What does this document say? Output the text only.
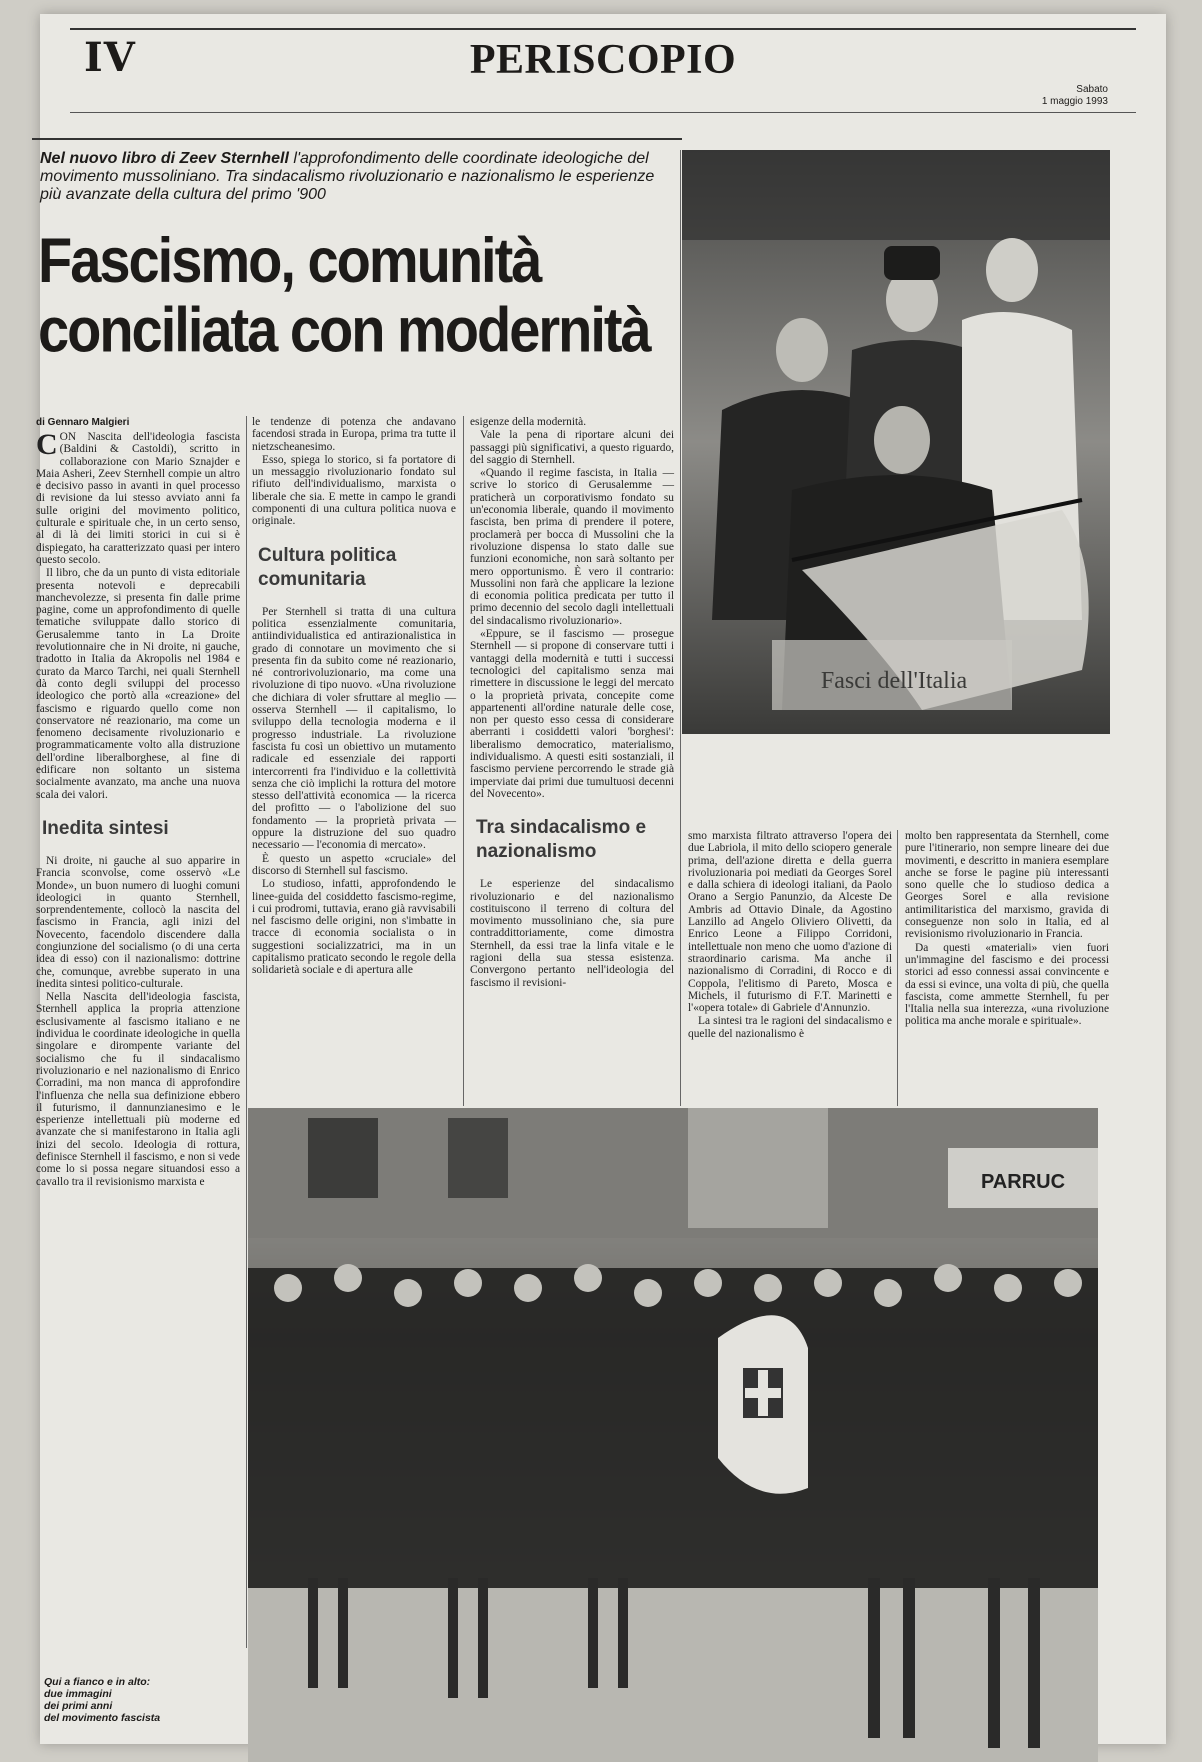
IV	PERISCOPIO
Sabato
1 maggio 1993
Nel nuovo libro di Zeev Sternhell l'approfondimento delle coordinate ideologiche del movimento mussoliniano. Tra sindacalismo rivoluzionario e nazionalismo le esperienze più avanzate della cultura del primo '900
Fascismo, comunità
conciliata con modernità
di Gennaro Malgieri

CON Nascita dell'ideologia fascista (Baldini & Castoldi), scritto in collaborazione con Mario Sznajder e Maia Asheri, Zeev Sternhell compie un altro e decisivo passo in avanti in quel processo di revisione da lui stesso avviato anni fa sulle origini del movimento politico, culturale e spirituale che, in un certo senso, al di là dei limiti storici in cui si è dispiegato, ha caratterizzato quasi per intero questo secolo.

Il libro, che da un punto di vista editoriale presenta notevoli e deprecabili manchevolezze, si presenta fin dalle prime pagine, come un approfondimento di quelle tematiche sviluppate dallo storico di Gerusalemme tanto in La Droite revolutionnaire che in Ni droite, ni gauche, tradotto in Italia da Akropolis nel 1984 e curato da Marco Tarchi, nei quali Sternhell dà conto degli sviluppi del processo ideologico che portò alla «creazione» del fascismo e riguardo quello come non conservatore né reazionario, ma come un fenomeno decisamente rivoluzionario e programmaticamente volto alla distruzione dell'ordine liberalborghese, al fine di edificare non soltanto un sistema socialmente avanzato, ma anche una nuova scala dei valori.

Inedita sintesi

Ni droite, ni gauche al suo apparire in Francia sconvolse, come osservò «Le Monde», un buon numero di luoghi comuni ideologici in quanto Sternhell, sorprendentemente, collocò la nascita del fascismo in Francia, agli inizi del Novecento, facendolo discendere dalla congiunzione del socialismo (o di una certa idea di esso) con il nazionalismo: dottrine che, comunque, avrebbe superato in una inedita sintesi politico-culturale.

Nella Nascita dell'ideologia fascista, Sternhell applica la propria attenzione esclusivamente al fascismo italiano e ne individua le coordinate ideologiche in quella singolare e dirompente variante del socialismo che fu il sindacalismo rivoluzionario e nel nazionalismo di Enrico Corradini, ma non manca di approfondire l'influenza che nella sua definizione ebbero il futurismo, il dannunzianesimo e le esperienze intellettuali più moderne ed avanzate che si manifestarono in Italia agli inizi del secolo. Ideologia di rottura, definisce Sternhell il fascismo, e non si vede come lo si possa negare situandosi esso a cavallo tra il revisionismo marxista e

le tendenze di potenza che andavano facendosi strada in Europa, prima tra tutte il nietzscheanesimo.

Esso, spiega lo storico, si fa portatore di un messaggio rivoluzionario fondato sul rifiuto dell'individualismo, marxista o liberale che sia. E mette in campo le grandi componenti di una cultura politica nuova e originale.

Cultura politica comunitaria

Per Sternhell si tratta di una cultura politica essenzialmente comunitaria, antiindividualistica ed antirazionalistica in grado di connotare un movimento che si presenta fin da subito come né reazionario, né controrivoluzionario, ma come una rivoluzione di tipo nuovo. «Una rivoluzione che dichiara di voler sfruttare al meglio — osserva Sternhell — il capitalismo, lo sviluppo della tecnologia moderna e il progresso industriale. La rivoluzione fascista fu così un obiettivo un mutamento radicale ed essenziale dei rapporti intercorrenti fra l'individuo e la collettività senza che ciò implichi la rottura del motore stesso dell'attività economica — la ricerca del profitto — o l'abolizione del suo fondamento — la proprietà privata — oppure la distruzione del suo quadro necessario — l'economia di mercato».

È questo un aspetto «cruciale» del discorso di Sternhell sul fascismo.

Lo studioso, infatti, approfondendo le linee-guida del cosiddetto fascismo-regime, i cui prodromi, tuttavia, erano già ravvisabili nel fascismo delle origini, non s'imbatte in tracce di economia socialista o in suggestioni socializzatrici, ma in un capitalismo praticato secondo le regole della solidarietà sociale e di apertura alle

esigenze della modernità.

Vale la pena di riportare alcuni dei passaggi più significativi, a questo riguardo, del saggio di Sternhell.

«Quando il regime fascista, in Italia — scrive lo storico di Gerusalemme — praticherà un corporativismo fondato su un'economia liberale, quando il movimento fascista, ben prima di prendere il potere, proclamerà per bocca di Mussolini che la rivoluzione dispensa lo stato dalle sue funzioni economiche, non sarà soltanto per mero opportunismo. È vero il contrario: Mussolini non farà che applicare la lezione di economia politica predicata per tutto il primo decennio del secolo dagli intellettuali del sindacalismo rivoluzionario».

«Eppure, se il fascismo — prosegue Sternhell — si propone di conservare tutti i vantaggi della modernità e tutti i successi tecnologici del capitalismo senza mai rimettere in discussione le leggi del mercato o la proprietà privata, concepite come appartenenti all'ordine naturale delle cose, non per questo esso cessa di considerare aberranti i cosiddetti valori 'borghesi': liberalismo democratico, materialismo, individualismo. A questi esiti sostanziali, il fascismo perviene percorrendo le strade già imperviate dai primi due tumultuosi decenni del Novecento».

Tra sindacalismo e nazionalismo

Le esperienze del sindacalismo rivoluzionario e del nazionalismo costituiscono il terreno di coltura del movimento mussoliniano che, sia pure contraddittoriamente, come dimostra Sternhell, da essi trae la linfa vitale e le ragioni della sua stessa esistenza. Convergono pertanto nell'ideologia del fascismo il revisioni-

smo marxista filtrato attraverso l'opera dei due Labriola, il mito dello sciopero generale prima, dell'azione diretta e della guerra rivoluzionaria poi mediati da Georges Sorel e dalla schiera di ideologi italiani, da Paolo Orano a Sergio Panunzio, da Alceste De Ambris ad Ottavio Dinale, da Agostino Lanzillo ad Angelo Oliviero Olivetti, da Enrico Leone a Filippo Corridoni, intellettuale non meno che uomo d'azione di straordinario carisma. Ma anche il nazionalismo di Corradini, di Rocco e di Coppola, l'elitismo di Pareto, Mosca e Michels, il futurismo di F.T. Marinetti e l'«opera totale» di Gabriele d'Annunzio.

La sintesi tra le ragioni del sindacalismo e quelle del nazionalismo è

molto ben rappresentata da Sternhell, come pure l'itinerario, non sempre lineare dei due movimenti, e descritto in maniera esemplare anche se forse le pagine più interessanti sono quelle che lo studioso dedica a Georges Sorel e alla revisione antimilitaristica del marxismo, gravida di conseguenze non solo in Italia, ed al revisionismo rivoluzionario in Francia.

Da questi «materiali» vien fuori un'immagine del fascismo e dei processi storici ad esso connessi assai convincente e da essi si evince, una volta di più, che quella fascista, come ammette Sternhell, fu per l'Italia nella sua interezza, «una rivoluzione politica ma anche morale e spirituale».

Fasci dell'Italia
PARRUC
Qui a fianco e in alto:
due immagini
dei primi anni
del movimento fascista
